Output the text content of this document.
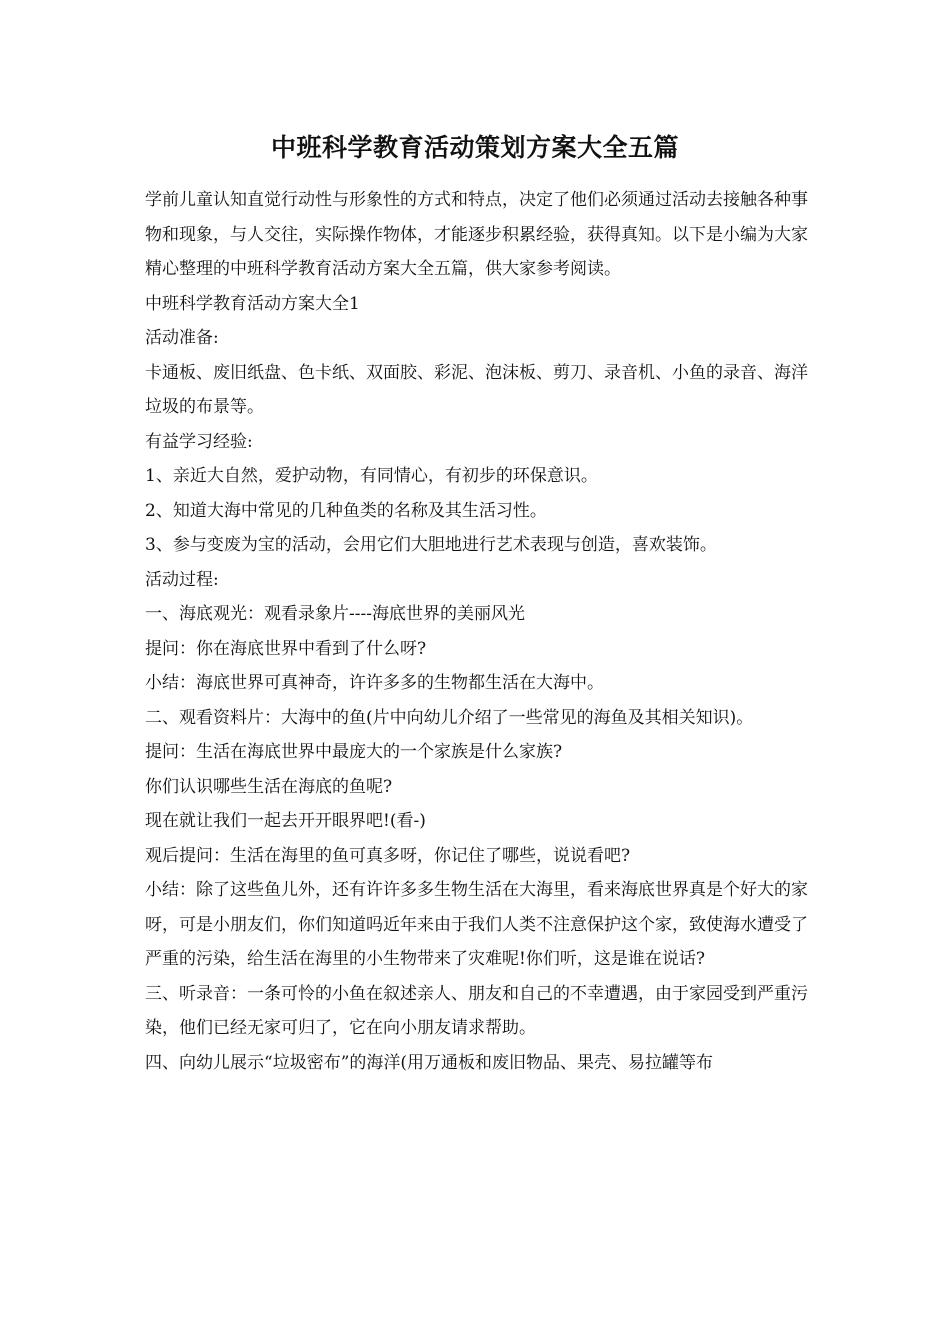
中班科学教育活动策划方案大全五篇

学前儿童认知直觉行动性与形象性的方式和特点，决定了他们必须通过活动去接触各种事物和现象，与人交往，实际操作物体，才能逐步积累经验，获得真知。以下是小编为大家精心整理的中班科学教育活动方案大全五篇，供大家参考阅读。

中班科学教育活动方案大全1

活动准备:

卡通板、废旧纸盘、色卡纸、双面胶、彩泥、泡沫板、剪刀、录音机、小鱼的录音、海洋垃圾的布景等。

有益学习经验:

1、亲近大自然，爱护动物，有同情心，有初步的环保意识。

2、知道大海中常见的几种鱼类的名称及其生活习性。

3、参与变废为宝的活动，会用它们大胆地进行艺术表现与创造，喜欢装饰。

活动过程:

一、海底观光：观看录象片----海底世界的美丽风光

提问：你在海底世界中看到了什么呀?

小结：海底世界可真神奇，许许多多的生物都生活在大海中。

二、观看资料片：大海中的鱼(片中向幼儿介绍了一些常见的海鱼及其相关知识)。

提问：生活在海底世界中最庞大的一个家族是什么家族?

你们认识哪些生活在海底的鱼呢?

现在就让我们一起去开开眼界吧!(看-)

观后提问：生活在海里的鱼可真多呀，你记住了哪些，说说看吧?

小结：除了这些鱼儿外，还有许许多多生物生活在大海里，看来海底世界真是个好大的家呀，可是小朋友们，你们知道吗近年来由于我们人类不注意保护这个家，致使海水遭受了严重的污染，给生活在海里的小生物带来了灾难呢!你们听，这是谁在说话?

三、听录音：一条可怜的小鱼在叙述亲人、朋友和自己的不幸遭遇，由于家园受到严重污染，他们已经无家可归了，它在向小朋友请求帮助。

四、向幼儿展示“垃圾密布”的海洋(用万通板和废旧物品、果壳、易拉罐等布
